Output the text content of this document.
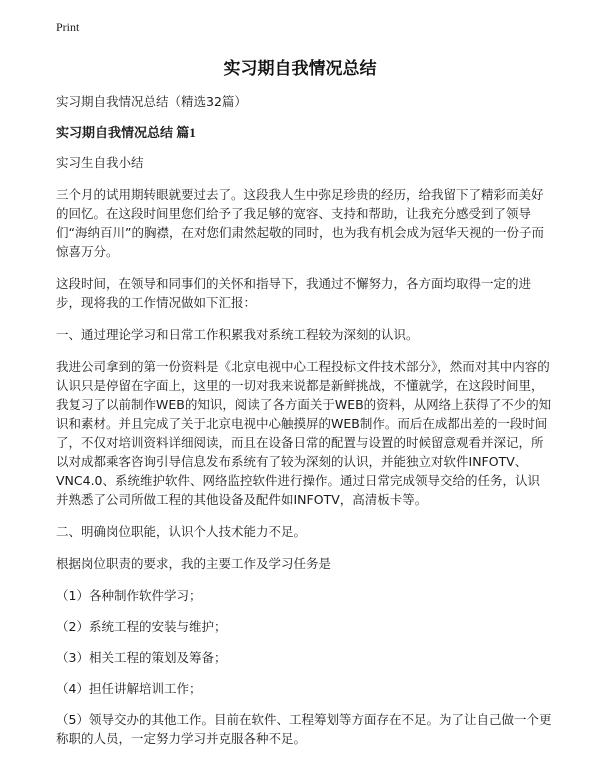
Print
实习期自我情况总结

实习期自我情况总结（精选32篇）

实习期自我情况总结 篇1

实习生自我小结

三个月的试用期转眼就要过去了。这段我人生中弥足珍贵的经历，给我留下了精彩而美好的回忆。在这段时间里您们给予了我足够的宽容、支持和帮助，让我充分感受到了领导们“海纳百川”的胸襟，在对您们肃然起敬的同时，也为我有机会成为冠华天视的一份子而惊喜万分。

这段时间，在领导和同事们的关怀和指导下，我通过不懈努力，各方面均取得一定的进步，现将我的工作情况做如下汇报：

一、通过理论学习和日常工作积累我对系统工程较为深刻的认识。

我进公司拿到的第一份资料是《北京电视中心工程投标文件技术部分》，然而对其中内容的认识只是停留在字面上，这里的一切对我来说都是新鲜挑战，不懂就学，在这段时间里，我复习了以前制作WEB的知识，阅读了各方面关于WEB的资料，从网络上获得了不少的知识和素材。并且完成了关于北京电视中心触摸屏的WEB制作。而后在成都出差的一段时间了，不仅对培训资料详细阅读，而且在设备日常的配置与设置的时候留意观看并深记，所以对成都乘客咨询引导信息发布系统有了较为深刻的认识，并能独立对软件INFOTV、VNC4.0、系统维护软件、网络监控软件进行操作。通过日常完成领导交给的任务，认识并熟悉了公司所做工程的其他设备及配件如INFOTV，高清板卡等。

二、明确岗位职能，认识个人技术能力不足。

根据岗位职责的要求，我的主要工作及学习任务是

（1）各种制作软件学习；

（2）系统工程的安装与维护；

（3）相关工程的策划及筹备；

（4）担任讲解培训工作；

（5）领导交办的其他工作。目前在软件、工程筹划等方面存在不足。为了让自己做一个更称职的人员，一定努力学习并克服各种不足。
